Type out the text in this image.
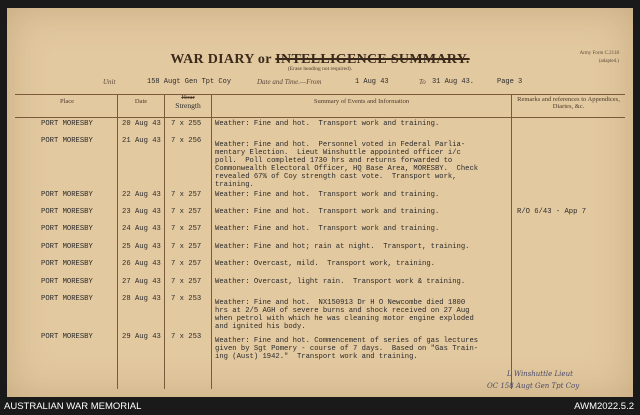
WAR DIARY or INTELLIGENCE SUMMARY.
(Erase heading not required).
Army Form C.2118
(adapted.)
Unit	158 Augt Gen Tpt Coy	Date and Time.—From	1 Aug 43	To 31 Aug 43.	Page 3
Place	Date
Hour
Strength	Summary of Events and Information	Remarks and references to Appendices, Diaries, &c.
PORT MORESBY	20 Aug 43 7 x 255 Weather: Fine and hot.  Transport work and training.
PORT MORESBY	21 Aug 43 7 x 256 Weather: Fine and hot.  Personnel voted in Federal Parlia-
mentary Election.  Lieut Winshuttle appointed officer i/c
poll.  Poll completed 1730 hrs and returns forwarded to
Commonwealth Electoral Officer, HQ Base Area, MORESBY.  Check
revealed 67% of Coy strength cast vote.  Transport work,
training.
PORT MORESBY	22 Aug 43 7 x 257 Weather: Fine and hot.  Transport work and training.
PORT MORESBY	23 Aug 43 7 x 257 Weather: Fine and hot.  Transport work and training.	R/O 6/43 - App 7
PORT MORESBY	24 Aug 43 7 x 257 Weather: Fine and hot.  Transport work and training.
PORT MORESBY	25 Aug 43 7 x 257 Weather: Fine and hot; rain at night.  Transport, training.
PORT MORESBY	26 Aug 43 7 x 257 Weather: Overcast, mild.  Transport work, training.
PORT MORESBY	27 Aug 43 7 x 257 Weather: Overcast, light rain.  Transport work & training.
PORT MORESBY	28 Aug 43 7 x 253 Weather: Fine and hot.  NX150913 Dr H O Newcombe died 1800
hrs at 2/5 AGH of severe burns and shock received on 27 Aug
when petrol with which he was cleaning motor engine exploded
and ignited his body.
PORT MORESBY	29 Aug 43 7 x 253 Weather: Fine and hot. Commencement of series of gas lectures
given by Sgt Pomery - course of 7 days.  Based on "Gas Train-
ing (Aust) 1942."  Transport work and training.
L Winshuttle Lieut
OC 158 Augt Gen Tpt Coy
AUSTRALIAN WAR MEMORIAL	AWM2022.5.2
